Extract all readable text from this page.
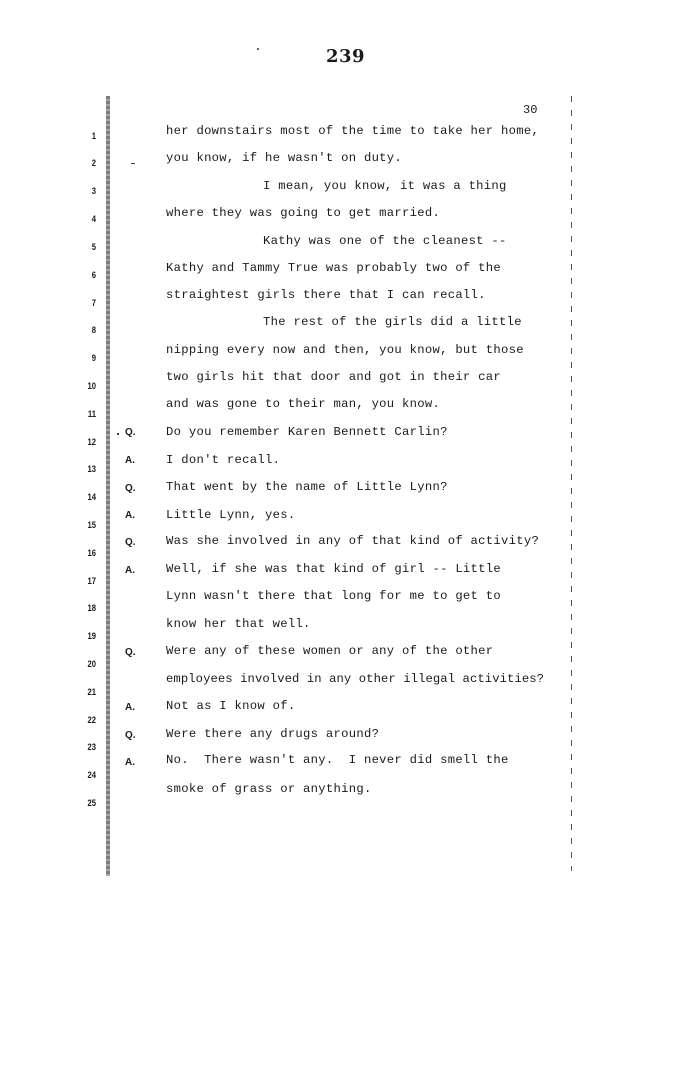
239
30
1
2
3
4
5
6
7
8
9
10
11
12
13
14
15
16
17
18
19
20
21
22
23
24
25
her downstairs most of the time to take her home,
you know, if he wasn't on duty.
I mean, you know, it was a thing
where they was going to get married.
Kathy was one of the cleanest --
Kathy and Tammy True was probably two of the
straightest girls there that I can recall.
The rest of the girls did a little
nipping every now and then, you know, but those
two girls hit that door and got in their car
and was gone to their man, you know.
Q. Do you remember Karen Bennett Carlin?
A.	I don't recall.
Q. That went by the name of Little Lynn?
A.	Little Lynn, yes.
Q. Was she involved in any of that kind of activity?
A.	Well, if she was that kind of girl -- Little
Lynn wasn't there that long for me to get to
know her that well.
Q. Were any of these women or any of the other
employees involved in any other illegal activities?
A.	Not as I know of.
Q. Were there any drugs around?
A.	No.  There wasn't any.  I never did smell the
smoke of grass or anything.
